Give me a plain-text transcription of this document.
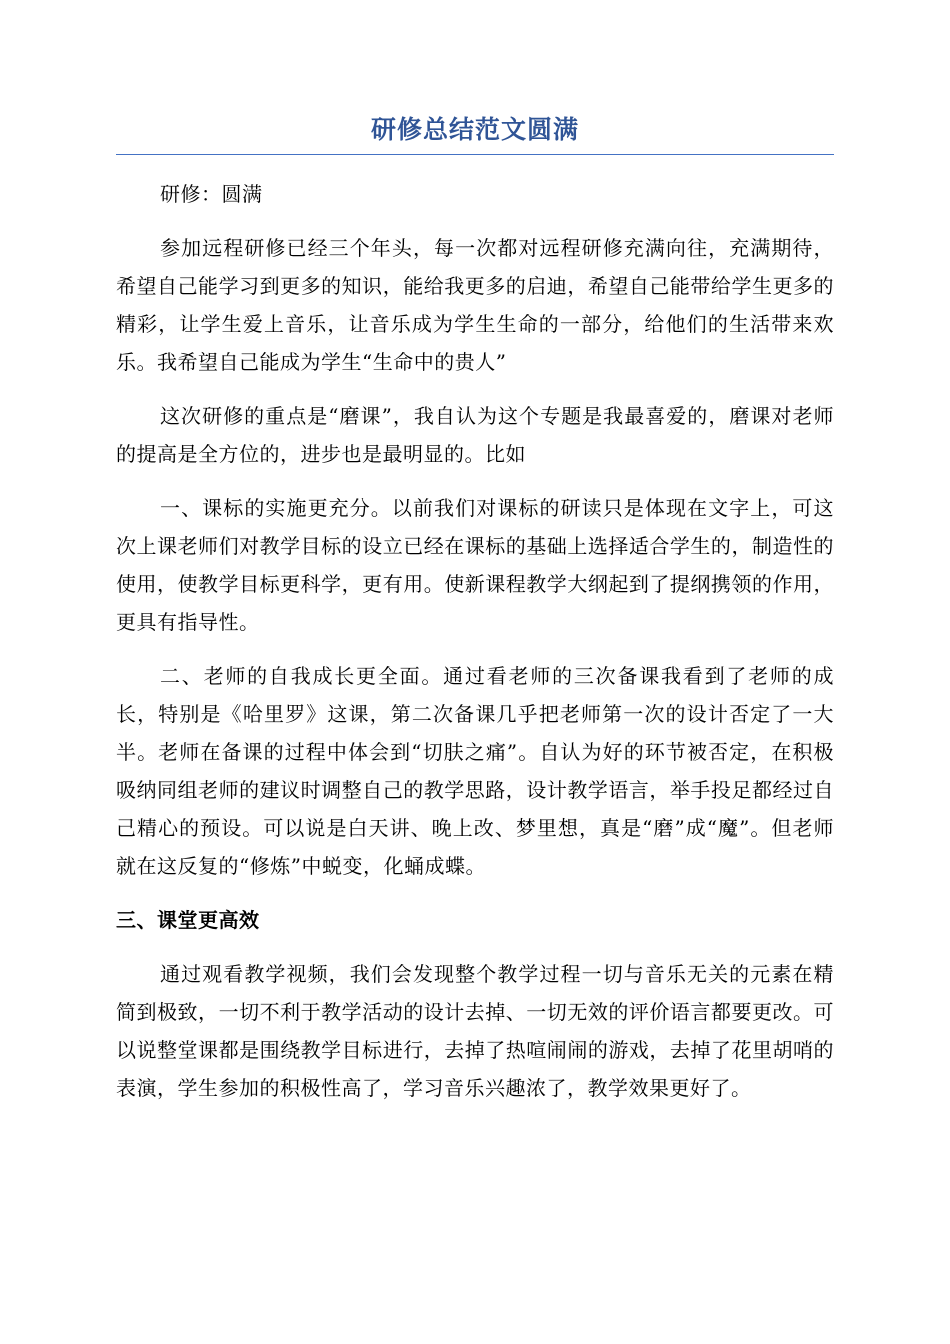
研修总结范文圆满

研修：圆满

参加远程研修已经三个年头，每一次都对远程研修充满向往，充满期待，希望自己能学习到更多的知识，能给我更多的启迪，希望自己能带给学生更多的精彩，让学生爱上音乐，让音乐成为学生生命的一部分，给他们的生活带来欢乐。我希望自己能成为学生“生命中的贵人”

这次研修的重点是“磨课”，我自认为这个专题是我最喜爱的，磨课对老师的提高是全方位的，进步也是最明显的。比如

一、课标的实施更充分。以前我们对课标的研读只是体现在文字上，可这次上课老师们对教学目标的设立已经在课标的基础上选择适合学生的，制造性的使用，使教学目标更科学，更有用。使新课程教学大纲起到了提纲携领的作用，更具有指导性。

二、老师的自我成长更全面。通过看老师的三次备课我看到了老师的成长，特别是《哈里罗》这课，第二次备课几乎把老师第一次的设计否定了一大半。老师在备课的过程中体会到“切肤之痛”。自认为好的环节被否定，在积极吸纳同组老师的建议时调整自己的教学思路，设计教学语言，举手投足都经过自己精心的预设。可以说是白天讲、晚上改、梦里想，真是“磨”成“魔”。但老师就在这反复的“修炼”中蜕变，化蛹成蝶。

三、课堂更高效

通过观看教学视频，我们会发现整个教学过程一切与音乐无关的元素在精简到极致，一切不利于教学活动的设计去掉、一切无效的评价语言都要更改。可以说整堂课都是围绕教学目标进行，去掉了热喧闹闹的游戏，去掉了花里胡哨的表演，学生参加的积极性高了，学习音乐兴趣浓了，教学效果更好了。
